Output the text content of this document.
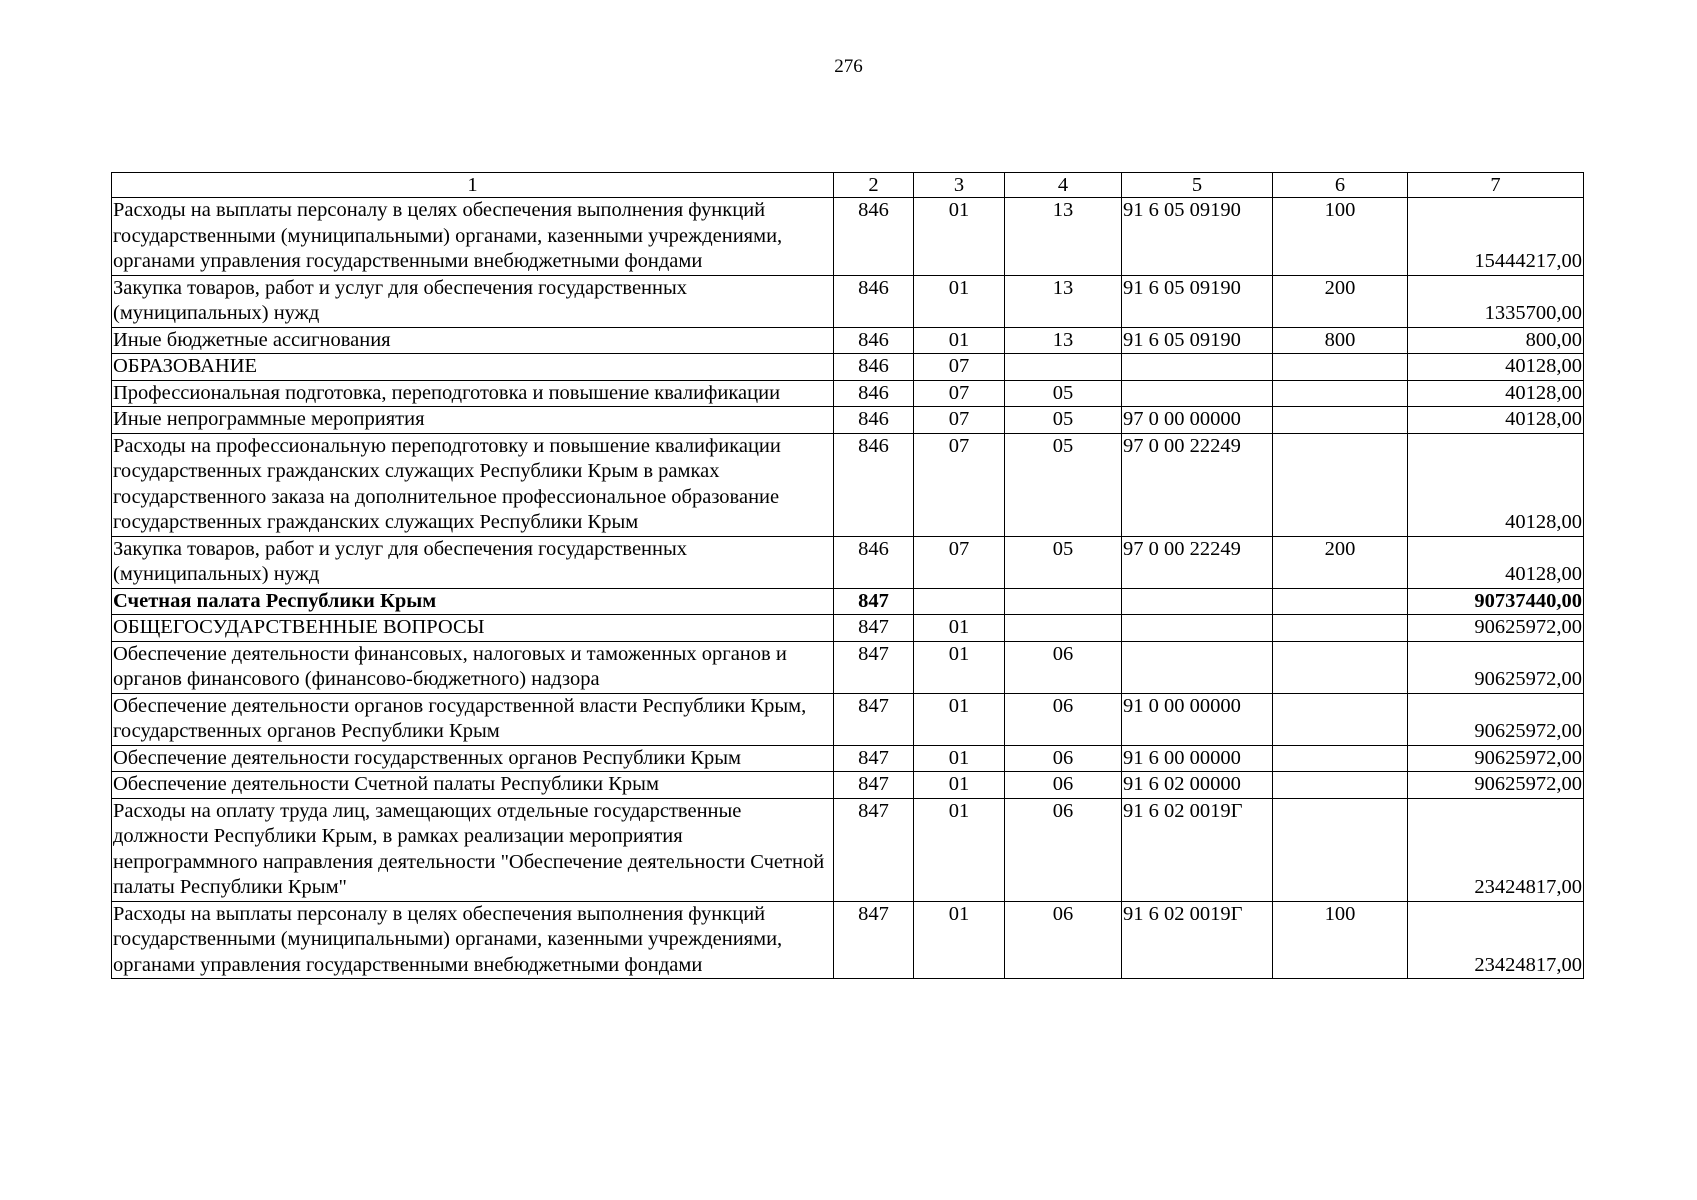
276
1	2	3	4	5	6	7
Расходы на выплаты персоналу в целях обеспечения выполнения функций государственными (муниципальными) органами, казенными учреждениями, органами управления государственными внебюджетными фондами	846	01	13	91 6 05 09190	100	15444217,00
Закупка товаров, работ и услуг для обеспечения государственных (муниципальных) нужд	846	01	13	91 6 05 09190	200	1335700,00
Иные бюджетные ассигнования	846	01	13	91 6 05 09190	800	800,00
ОБРАЗОВАНИЕ	846	07				40128,00
Профессиональная подготовка, переподготовка и повышение квалификации	846	07	05			40128,00
Иные непрограммные мероприятия	846	07	05	97 0 00 00000		40128,00
Расходы на профессиональную переподготовку и повышение квалификации государственных гражданских служащих Республики Крым в рамках государственного заказа на дополнительное профессиональное образование государственных гражданских служащих Республики Крым	846	07	05	97 0 00 22249		40128,00
Закупка товаров, работ и услуг для обеспечения государственных (муниципальных) нужд	846	07	05	97 0 00 22249	200	40128,00
Счетная палата Республики Крым	847					90737440,00
ОБЩЕГОСУДАРСТВЕННЫЕ ВОПРОСЫ	847	01				90625972,00
Обеспечение деятельности финансовых, налоговых и таможенных органов и органов финансового (финансово-бюджетного) надзора	847	01	06			90625972,00
Обеспечение деятельности органов государственной власти Республики Крым, государственных органов Республики Крым	847	01	06	91 0 00 00000		90625972,00
Обеспечение деятельности государственных органов Республики Крым	847	01	06	91 6 00 00000		90625972,00
Обеспечение деятельности Счетной палаты Республики Крым	847	01	06	91 6 02 00000		90625972,00
Расходы на оплату труда лиц, замещающих отдельные государственные должности Республики Крым, в рамках реализации мероприятия непрограммного направления деятельности "Обеспечение деятельности Счетной палаты Республики Крым"	847	01	06	91 6 02 0019Г		23424817,00
Расходы на выплаты персоналу в целях обеспечения выполнения функций государственными (муниципальными) органами, казенными учреждениями, органами управления государственными внебюджетными фондами	847	01	06	91 6 02 0019Г	100	23424817,00
